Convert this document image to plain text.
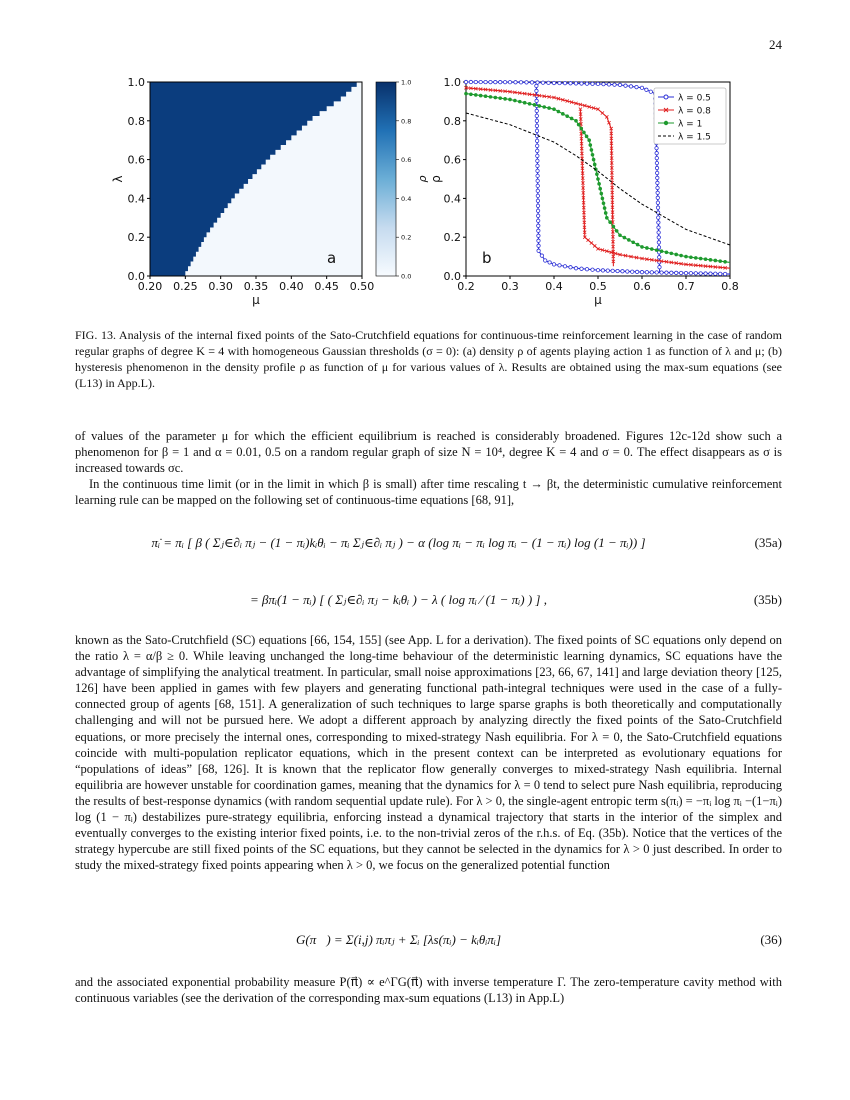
24
0.20 0.25 0.30 0.35 0.40 0.45 0.50
0.0
0.2
0.4
0.6
0.8
1.0
μ
λ
a
0.0
0.2
0.4
0.6
0.8
1.0
ρ
0.2 0.3 0.4 0.5 0.6 0.7 0.8
0.0
0.2
0.4
0.6
0.8
1.0
μ
ρ
b
λ = 0.5
λ = 0.8
λ = 1
λ = 1.5
FIG. 13. Analysis of the internal fixed points of the Sato-Crutchfield equations for continuous-time reinforcement learning in the case of random regular graphs of degree K = 4 with homogeneous Gaussian thresholds (σ = 0): (a) density ρ of agents playing action 1 as function of λ and μ; (b) hysteresis phenomenon in the density profile ρ as function of μ for various values of λ. Results are obtained using the max-sum equations (see (L13) in App.L).

of values of the parameter μ for which the efficient equilibrium is reached is considerably broadened. Figures 12c-12d show such a phenomenon for β = 1 and α = 0.01, 0.5 on a random regular graph of size N = 10⁴, degree K = 4 and σ = 0. The effect disappears as σ is increased towards σc.

In the continuous time limit (or in the limit in which β is small) after time rescaling t → βt, the deterministic cumulative reinforcement learning rule can be mapped on the following set of continuous-time equations [68, 91],

π̇ᵢ = πᵢ [ β ( Σⱼ∈∂ᵢ πⱼ − (1 − πᵢ)kᵢθᵢ − πᵢ Σⱼ∈∂ᵢ πⱼ ) − α (log πᵢ − πᵢ log πᵢ − (1 − πᵢ) log (1 − πᵢ)) ]	(35a)
= βπᵢ(1 − πᵢ) [ ( Σⱼ∈∂ᵢ πⱼ − kᵢθᵢ ) − λ ( log πᵢ ⁄ (1 − πᵢ) ) ] ,	(35b)

known as the Sato-Crutchfield (SC) equations [66, 154, 155] (see App. L for a derivation). The fixed points of SC equations only depend on the ratio λ = α/β ≥ 0. While leaving unchanged the long-time behaviour of the deterministic learning dynamics, SC equations have the advantage of simplifying the analytical treatment. In particular, small noise approximations [23, 66, 67, 141] and large deviation theory [125, 126] have been applied in games with few players and generating functional path-integral techniques were used in the case of a fully-connected group of agents [68, 151]. A generalization of such techniques to large sparse graphs is both theoretically and computationally challenging and will not be pursued here. We adopt a different approach by analyzing directly the fixed points of the Sato-Crutchfield equations, or more precisely the internal ones, corresponding to mixed-strategy Nash equilibria. For λ = 0, the Sato-Crutchfield equations coincide with multi-population replicator equations, which in the present context can be interpreted as evolutionary equations for “populations of ideas” [68, 126]. It is known that the replicator flow generally converges to mixed-strategy Nash equilibria. Internal equilibria are however unstable for coordination games, meaning that the dynamics for λ = 0 tend to select pure Nash equilibria, reproducing the results of best-response dynamics (with random sequential update rule). For λ > 0, the single-agent entropic term s(πᵢ) = −πᵢ log πᵢ −(1−πᵢ) log (1 − πᵢ) destabilizes pure-strategy equilibria, enforcing instead a dynamical trajectory that starts in the interior of the simplex and eventually converges to the existing interior fixed points, i.e. to the non-trivial zeros of the r.h.s. of Eq. (35b). Notice that the vertices of the strategy hypercube are still fixed points of the SC equations, but they cannot be selected in the dynamics for λ > 0 just described. In order to study the mixed-strategy fixed points appearing when λ > 0, we focus on the generalized potential function

G(π⃗) = Σ(i,j) πᵢπⱼ + Σᵢ [λs(πᵢ) − kᵢθᵢπᵢ]	(36)

and the associated exponential probability measure P(π⃗) ∝ e^ΓG(π⃗) with inverse temperature Γ. The zero-temperature cavity method with continuous variables (see the derivation of the corresponding max-sum equations (L13) in App.L)
